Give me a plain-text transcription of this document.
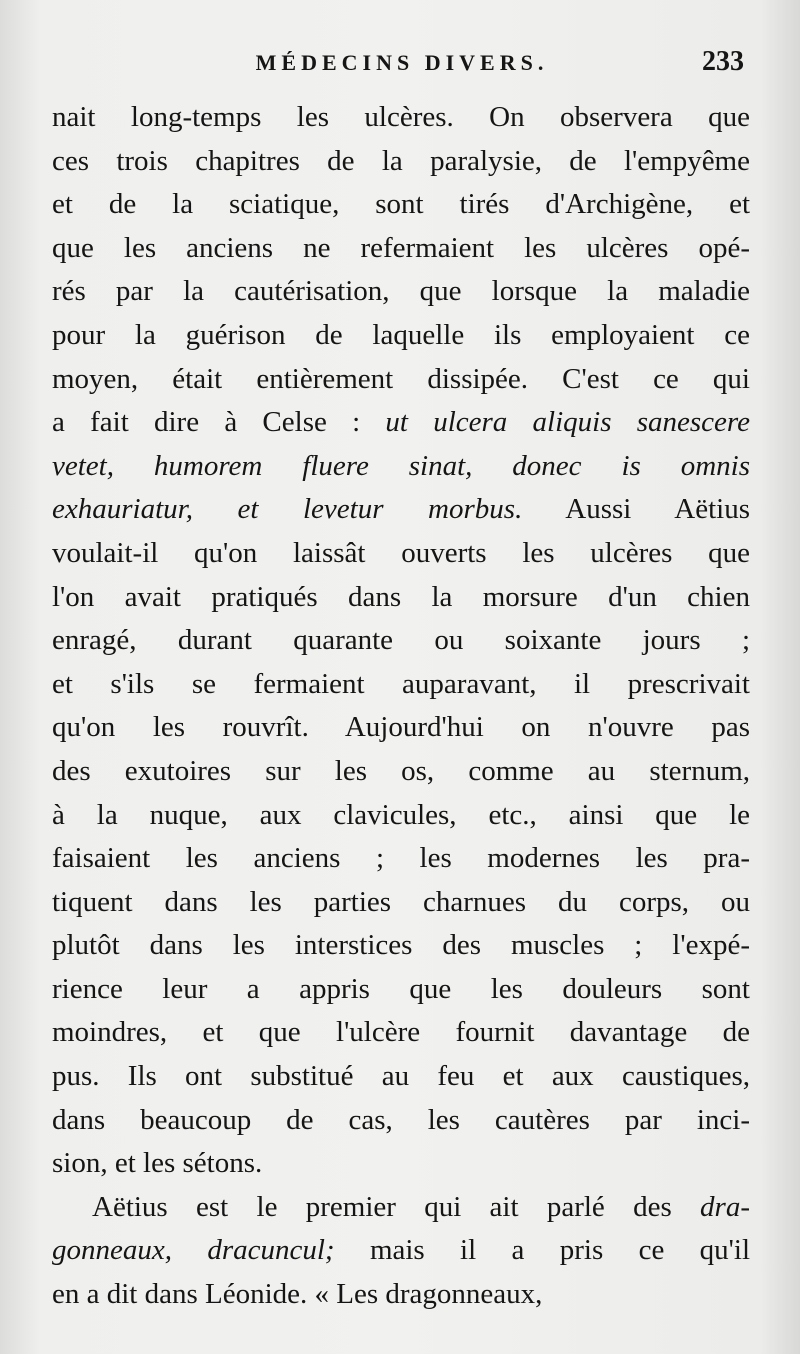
MÉDECINS DIVERS.	233
nait long-temps les ulcères. On observera que
ces trois chapitres de la paralysie, de l'empyême
et de la sciatique, sont tirés d'Archigène, et
que les anciens ne refermaient les ulcères opé-
rés par la cautérisation, que lorsque la maladie
pour la guérison de laquelle ils employaient ce
moyen, était entièrement dissipée. C'est ce qui
a fait dire à Celse : ut ulcera aliquis sanescere
vetet, humorem fluere sinat, donec is omnis
exhauriatur, et levetur morbus. Aussi Aëtius
voulait-il qu'on laissât ouverts les ulcères que
l'on avait pratiqués dans la morsure d'un chien
enragé, durant quarante ou soixante jours ;
et s'ils se fermaient auparavant, il prescrivait
qu'on les rouvrît. Aujourd'hui on n'ouvre pas
des exutoires sur les os, comme au sternum,
à la nuque, aux clavicules, etc., ainsi que le
faisaient les anciens ; les modernes les pra-
tiquent dans les parties charnues du corps, ou
plutôt dans les interstices des muscles ; l'expé-
rience leur a appris que les douleurs sont
moindres, et que l'ulcère fournit davantage de
pus. Ils ont substitué au feu et aux caustiques,
dans beaucoup de cas, les cautères par inci-
sion, et les sétons.
Aëtius est le premier qui ait parlé des dra-
gonneaux, dracuncul; mais il a pris ce qu'il
en a dit dans Léonide. « Les dragonneaux,
